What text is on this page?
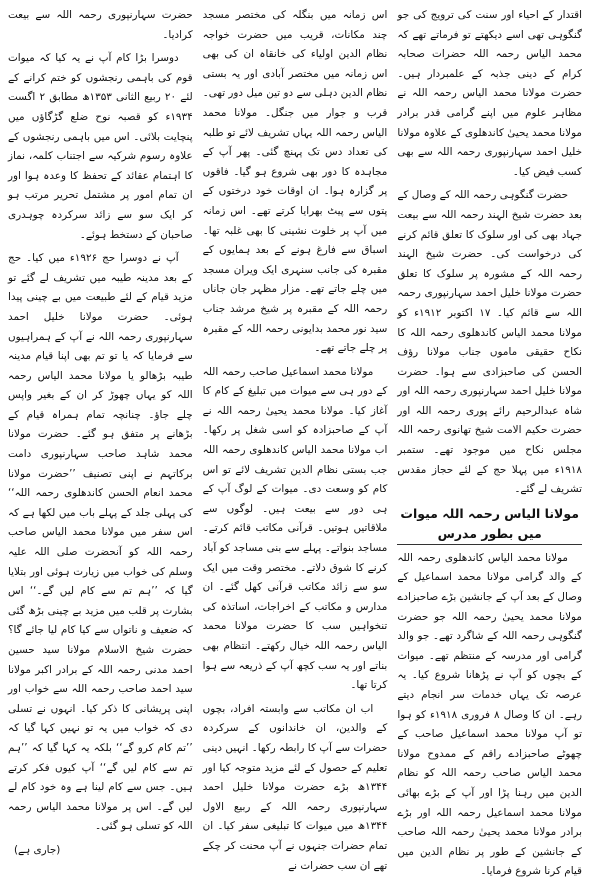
اقتدار کے احیاء اور سنت کی ترویج کی جو گنگوہی تھی اسے دیکھتے تو فرماتے تھے کہ محمد الیاس رحمہ اللہ حضرات صحابہ کرام کے دینی جذبہ کے علمبردار ہیں۔ حضرت مولانا محمد الیاس رحمہ اللہ نے مظاہر علوم میں اپنے گرامی قدر برادر مولانا محمد یحییٰ کاندھلوی کے علاوہ مولانا خلیل احمد سہارنپوری رحمہ اللہ سے بھی کسب فیض کیا۔

حضرت گنگوہی رحمہ اللہ کے وصال کے بعد حضرت شیخ الہند رحمہ اللہ سے بیعت جہاد بھی کی اور سلوک کا تعلق قائم کرنے کی درخواست کی۔ حضرت شیخ الہند رحمہ اللہ کے مشورہ پر سلوک کا تعلق حضرت مولانا خلیل احمد سہارنپوری رحمہ اللہ سے قائم کیا۔ ۱۷ اکتوبر ۱۹۱۲ء کو مولانا محمد الیاس کاندھلوی رحمہ اللہ کا نکاح حقیقی ماموں جناب مولانا رؤف الحسن کی صاحبزادی سے ہوا۔ حضرت مولانا خلیل احمد سہارنپوری رحمہ اللہ اور شاہ عبدالرحیم رائے پوری رحمہ اللہ اور حضرت حکیم الامت شیخ تھانوی رحمہ اللہ مجلس نکاح میں موجود تھے۔ ستمبر ۱۹۱۸ء میں پہلا حج کے لئے حجاز مقدس تشریف لے گئے۔

مولانا الیاس رحمہ اللہ میوات میں بطور مدرس

مولانا محمد الیاس کاندھلوی رحمہ اللہ کے والد گرامی مولانا محمد اسماعیل کے وصال کے بعد آپ کے جانشین بڑے صاحبزادے مولانا محمد یحییٰ رحمہ اللہ جو حضرت گنگوہی رحمہ اللہ کے شاگرد تھے۔ جو والد گرامی اور مدرسہ کے منتظم تھے۔ میوات کے بچوں کو آپ نے پڑھانا شروع کیا۔ یہ عرصہ تک یہاں خدمات سر انجام دیتے رہے۔ ان کا وصال ۸ فروری ۱۹۱۸ء کو ہوا تو آپ مولانا محمد اسماعیل صاحب کے چھوٹے صاحبزادے راقم کے ممدوح مولانا محمد الیاس صاحب رحمہ اللہ کو نظام الدین میں رہنا پڑا اور آپ کے بڑے بھائی مولانا محمد اسماعیل رحمہ اللہ اور بڑے برادر مولانا محمد یحییٰ رحمہ اللہ صاحب کے جانشین کے طور پر نظام الدین میں قیام کرنا شروع فرمایا۔

اس زمانہ میں بنگلہ کی مختصر مسجد چند مکانات، قریب میں حضرت خواجہ نظام الدین اولیاء کی خانقاہ ان کی بھی اس زمانہ میں مختصر آبادی اور یہ بستی نظام الدین دہلی سے دو تین میل دور تھی۔ قرب و جوار میں جنگل۔ مولانا محمد الیاس رحمہ اللہ یہاں تشریف لائے تو طلبہ کی تعداد دس تک پہنچ گئی۔ پھر آپ کے مجاہدہ کا دور بھی شروع ہو گیا۔ فاقوں پر گزارہ ہوا۔ ان اوقات خود درختوں کے پتوں سے پیٹ بھرایا کرتے تھے۔ اس زمانہ میں آپ پر خلوت نشینی کا بھی غلبہ تھا۔ اسباق سے فارغ ہونے کے بعد ہمایوں کے مقبرہ کی جانب سنہری ایک ویران مسجد میں چلے جاتے تھے۔ مزار مظہر جان جاناں رحمہ اللہ کے مقبرہ پر شیخ مرشد جناب سید نور محمد بدایونی رحمہ اللہ کے مقبرہ پر چلے جاتے تھے۔

مولانا محمد اسماعیل صاحب رحمہ اللہ کے دور ہی سے میوات میں تبلیغ کے کام کا آغاز کیا۔ مولانا محمد یحییٰ رحمہ اللہ نے آپ کے صاحبزادہ کو اسی شغل پر رکھا۔ اب مولانا محمد الیاس کاندھلوی رحمہ اللہ جب بستی نظام الدین تشریف لائے تو اس کام کو وسعت دی۔ میوات کے لوگ آپ کے ہی دور سے بیعت ہیں۔ لوگوں سے ملاقاتیں ہوتیں۔ قرآنی مکاتب قائم کرتے۔ مساجد بنواتے۔ پہلے سے بنی مساجد کو آباد کرنے کا شوق دلاتے۔ مختصر وقت میں ایک سو سے زائد مکاتب قرآنی کھل گئے۔ ان مدارس و مکاتب کے اخراجات، اساتذہ کی تنخواہیں سب کا حضرت مولانا محمد الیاس رحمہ اللہ خیال رکھتے۔ انتظام بھی بناتے اور یہ سب کچھ آپ کے ذریعہ سے ہوا کرتا تھا۔

اب ان مکاتب سے وابستہ افراد، بچوں کے والدین، ان خاندانوں کے سرکردہ حضرات سے آپ کا رابطہ رکھا۔ انہیں دینی تعلیم کے حصول کے لئے مزید متوجہ کیا اور ۱۳۴۴ھ بڑے حضرت مولانا خلیل احمد سہارنپوری رحمہ اللہ کے ربیع الاول ۱۳۴۴ھ میں میوات کا تبلیغی سفر کیا۔ ان تمام حضرات جنہوں نے آپ محنت کر چکے تھے ان سب حضرات نے

حضرت سہارنپوری رحمہ اللہ سے بیعت کرادیا۔

دوسرا بڑا کام آپ نے یہ کیا کہ میوات قوم کی باہمی رنجشوں کو ختم کرانے کے لئے ۲۰ ربیع الثانی ۱۳۵۳ھ مطابق ۲ اگست ۱۹۳۴ء کو قصبہ نوح ضلع گڑگاؤں میں پنچایت بلائی۔ اس میں باہمی رنجشوں کے علاوہ رسوم شرکیہ سے اجتناب کلمہ، نماز کا اہتمام عقائد کے تحفظ کا وعدہ ہوا اور ان تمام امور پر مشتمل تحریر مرتب ہو کر ایک سو سے زائد سرکردہ چوہدری صاحبان کے دستخط ہوئے۔

آپ نے دوسرا حج ۱۹۲۶ء میں کیا۔ حج کے بعد مدینہ طیبہ میں تشریف لے گئے تو مزید قیام کے لئے طبیعت میں بے چینی پیدا ہوئی۔ حضرت مولانا خلیل احمد سہارنپوری رحمہ اللہ نے آپ کے ہمراہیوں سے فرمایا کہ یا تو تم بھی اپنا قیام مدینہ طیبہ بڑھالو یا مولانا محمد الیاس رحمہ اللہ کو یہاں چھوڑ کر ان کے بغیر واپس چلے جاؤ۔ چنانچہ تمام ہمراہ قیام کے بڑھانے پر متفق ہو گئے۔ حضرت مولانا محمد شاہد صاحب سہارنپوری دامت برکاتہم نے اپنی تصنیف ’’حضرت مولانا محمد انعام الحسن کاندھلوی رحمہ اللہ‘‘ کی پہلی جلد کے پہلے باب میں لکھا ہے کہ اس سفر میں مولانا محمد الیاس صاحب رحمہ اللہ کو آنحضرت صلی اللہ علیہ وسلم کی خواب میں زیارت ہوئی اور بتلایا گیا کہ ’’ہم تم سے کام لیں گے۔‘‘ اس بشارت پر قلب میں مزید بے چینی بڑھ گئی کہ ضعیف و ناتواں سے کیا کام لیا جائے گا؟ حضرت شیخ الاسلام مولانا سید حسین احمد مدنی رحمہ اللہ کے برادر اکبر مولانا سید احمد صاحب رحمہ اللہ سے خواب اور اپنی پریشانی کا ذکر کیا۔ انہوں نے تسلی دی کہ خواب میں یہ تو نہیں کہا گیا کہ ’’تم کام کرو گے‘‘ بلکہ یہ کہا گیا کہ ’’ہم تم سے کام لیں گے‘‘ آپ کیوں فکر کرتے ہیں۔ جس سے کام لینا ہے وہ خود کام لے لیں گے۔ اس پر مولانا محمد الیاس رحمہ اللہ کو تسلی ہو گئی۔

(جاری ہے)
